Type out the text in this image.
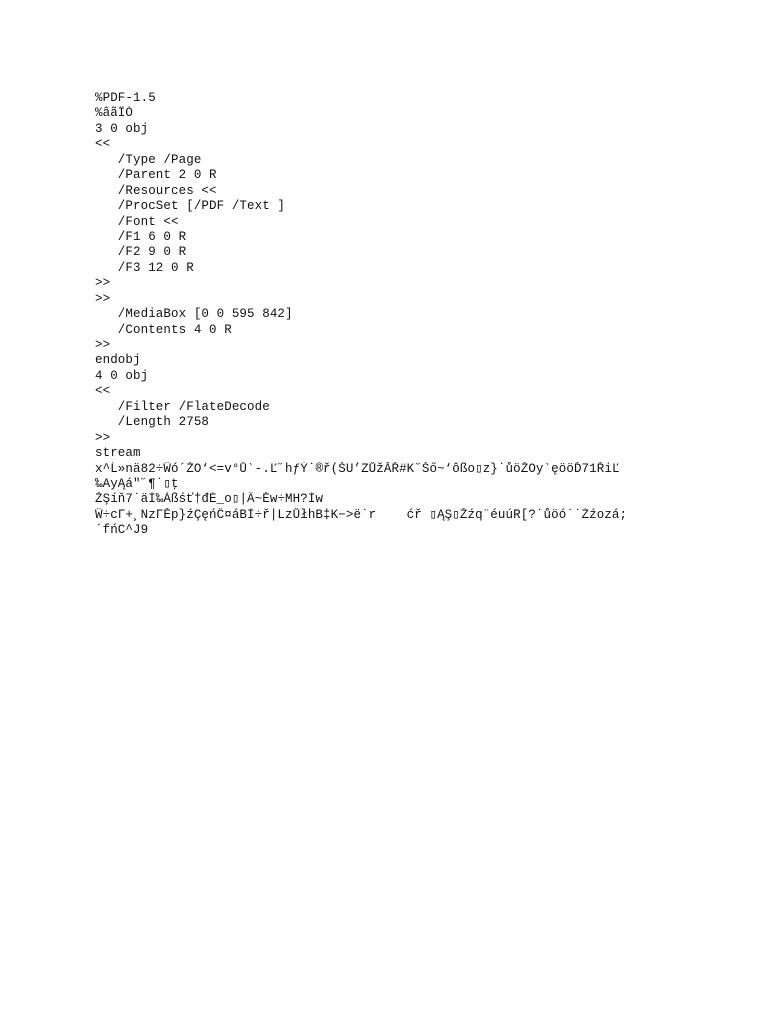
%PDF-1.5
%âãÏÓ
3 0 obj
<<
/Type /Page
/Parent 2 0 R
/Resources <<
/ProcSet [/PDF /Text ]
/Font <<
/F1 6 0 R
/F2 9 0 R
/F3 12 0 R
>>
>>
/MediaBox [0 0 595 842]
/Contents 4 0 R
>>
endobj
4 0 obj
<<
/Filter /FlateDecode
/Length 2758
>>
stream
x^Ĺ»nä82÷Ŵó´ŽO‘<=v°Ů‵-.Ľ˝hƒÝ˙®ř(ŠU’ZŮžĂŘ#K˘Šő~‘ôßo▯z}˙ůöŽOy‵ęööĎ71ŘiĽ
‰AyĄá"˝¶˙▯ţ
ŽŞíň7˙äÍ‰Áßśť†đÉ_o▯|Â~Ěw÷MH?Íw
Ŵ÷cΓ+¸NzΓĔp}źÇęńĈ¤áBÍ÷ř|LzŮłhB‡K−>ë˙r    ćř ▯ĄŞ▯Žźq¨éuúR[?˙ůöó˙˙Źźozá;
´fńC^J9
